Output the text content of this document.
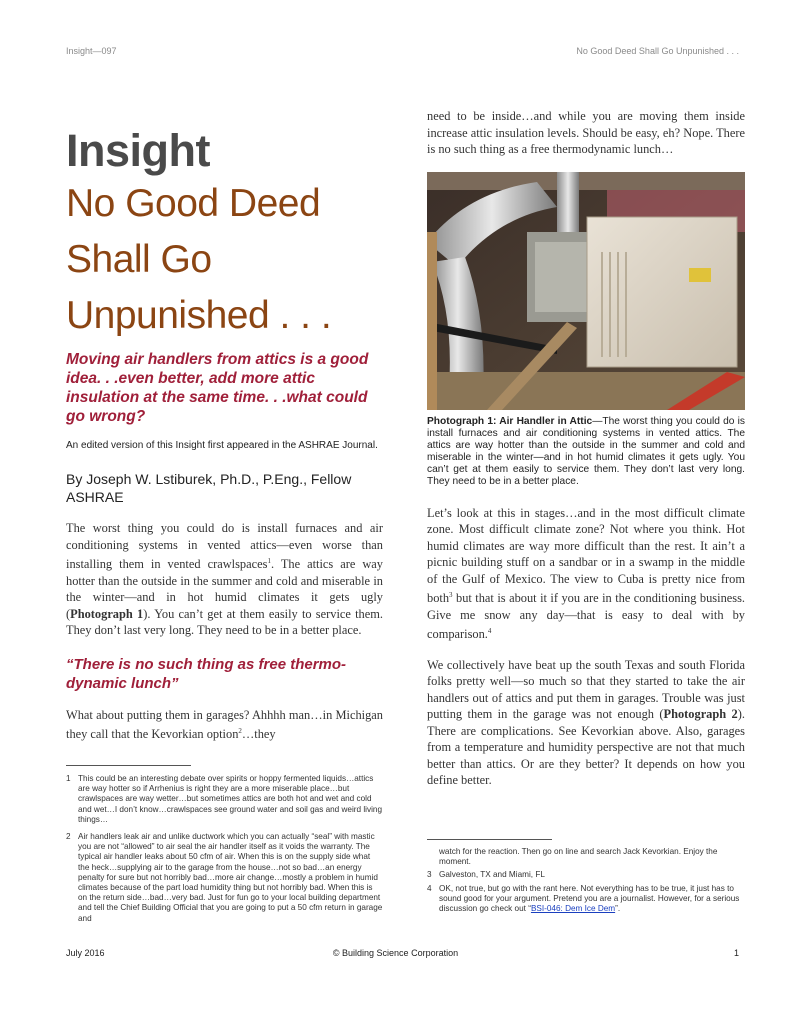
Insight—097	No Good Deed Shall Go Unpunished . . .
Insight
No Good Deed
Shall Go
Unpunished . . .

Moving air handlers from attics is a good idea. . .even better, add more attic insulation at the same time. . .what could go wrong?

An edited version of this Insight first appeared in the ASHRAE Journal.

By Joseph W. Lstiburek, Ph.D., P.Eng., Fellow ASHRAE

The worst thing you could do is install furnaces and air conditioning systems in vented attics—even worse than installing them in vented crawlspaces$^1$. The attics are way hotter than the outside in the summer and cold and miserable in the winter—and in hot humid climates it gets ugly (Photograph 1). You can’t get at them easily to service them. They don’t last very long. They need to be in a better place.

“There is no such thing as free thermo-dynamic lunch”

What about putting them in garages? Ahhhh man…in Michigan they call that the Kevorkian option$^2$…they

1 This could be an interesting debate over spirits or hoppy fermented liquids…attics are way hotter so if Arrhenius is right they are a more miserable place…but crawlspaces are way wetter…but sometimes attics are both hot and wet and cold and wet…I don’t know…crawlspaces see ground water and soil gas and weird living things…
2 Air handlers leak air and unlike ductwork which you can actually “seal” with mastic you are not “allowed” to air seal the air handler itself as it voids the warranty. The typical air handler leaks about 50 cfm of air. When this is on the supply side what the heck…supplying air to the garage from the house…not so bad…an energy penalty for sure but not horribly bad…more air change…mostly a problem in humid climates because of the part load humidity thing but not horribly bad. When this is on the return side…bad…very bad. Just for fun go to your local building department and tell the Chief Building Official that you are going to put a 50 cfm return in garage and

need to be inside…and while you are moving them inside increase attic insulation levels. Should be easy, eh? Nope. There is no such thing as a free thermodynamic lunch…

Photograph 1: Air Handler in Attic—The worst thing you could do is install furnaces and air conditioning systems in vented attics. The attics are way hotter than the outside in the summer and cold and miserable in the winter—and in hot humid climates it gets ugly. You can’t get at them easily to service them. They don’t last very long. They need to be in a better place.

Let’s look at this in stages…and in the most difficult climate zone. Most difficult climate zone? Not where you think. Hot humid climates are way more difficult than the rest. It ain’t a picnic building stuff on a sandbar or in a swamp in the middle of the Gulf of Mexico. The view to Cuba is pretty nice from both$^3$ but that is about it if you are in the conditioning business. Give me snow any day—that is easy to deal with by comparison.$^4$

We collectively have beat up the south Texas and south Florida folks pretty well—so much so that they started to take the air handlers out of attics and put them in garages. Trouble was just putting them in the garage was not enough (Photograph 2). There are complications. See Kevorkian above. Also, garages from a temperature and humidity perspective are not that much better than attics. Or are they better? It depends on how you define better.

watch for the reaction. Then go on line and search Jack Kevorkian. Enjoy the moment.
3 Galveston, TX and Miami, FL
4 OK, not true, but go with the rant here. Not everything has to be true, it just has to sound good for your argument. Pretend you are a journalist. However, for a serious discussion go check out “BSI-046: Dem Ice Dem”.
July 2016	© Building Science Corporation	1
